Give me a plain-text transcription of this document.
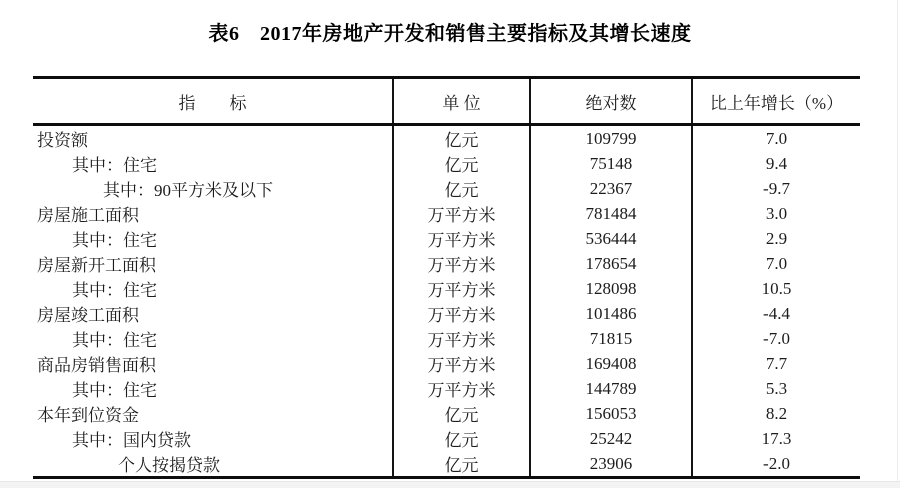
表6　2017年房地产开发和销售主要指标及其增长速度
指　　标	单 位	绝对数	比上年增长（%）
投资额	亿元	109799	7.0
其中：住宅	亿元	75148	9.4
其中：90平方米及以下	亿元	22367	-9.7
房屋施工面积	万平方米	781484	3.0
其中：住宅	万平方米	536444	2.9
房屋新开工面积	万平方米	178654	7.0
其中：住宅	万平方米	128098	10.5
房屋竣工面积	万平方米	101486	-4.4
其中：住宅	万平方米	71815	-7.0
商品房销售面积	万平方米	169408	7.7
其中：住宅	万平方米	144789	5.3
本年到位资金	亿元	156053	8.2
其中：国内贷款	亿元	25242	17.3
个人按揭贷款	亿元	23906	-2.0
